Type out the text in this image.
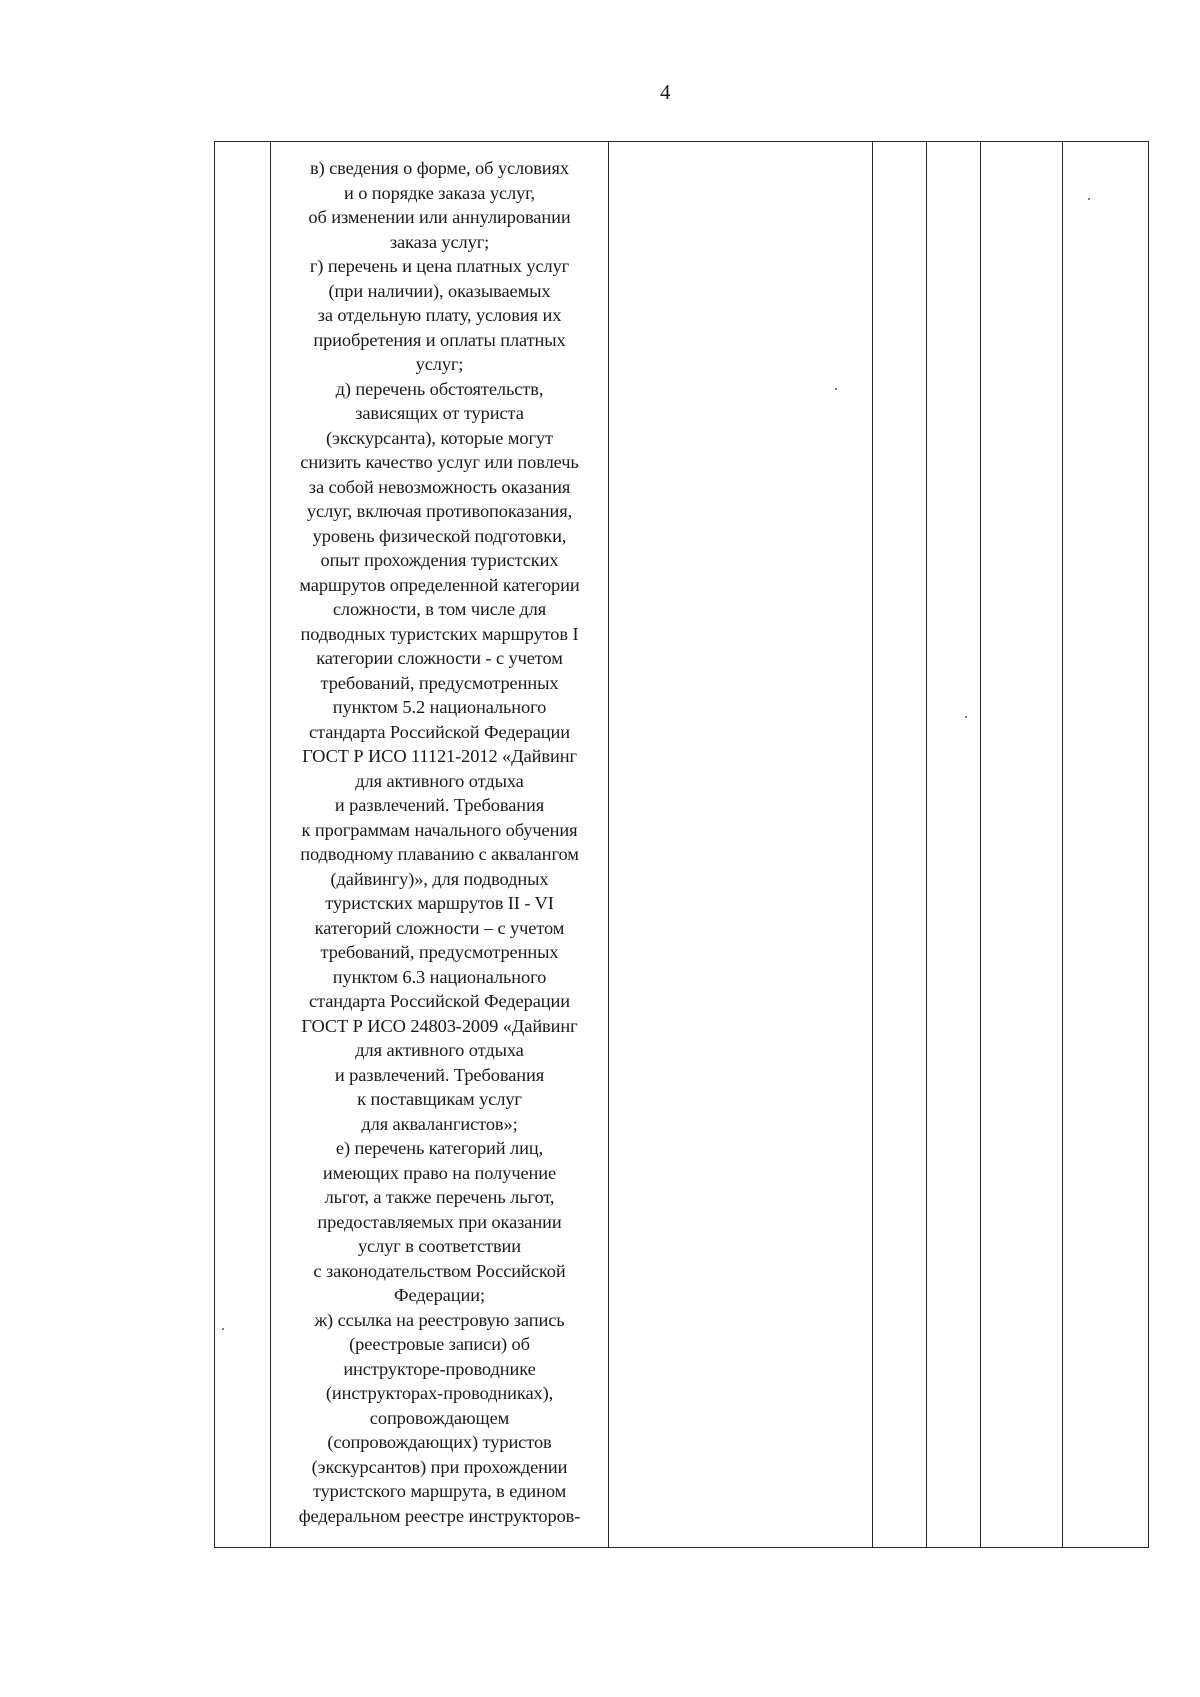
4

в) сведения о форме, об условиях
и о порядке заказа услуг,
об изменении или аннулировании
заказа услуг;
г) перечень и цена платных услуг
(при наличии), оказываемых
за отдельную плату, условия их
приобретения и оплаты платных
услуг;
д) перечень обстоятельств,
зависящих от туриста
(экскурсанта), которые могут
снизить качество услуг или повлечь
за собой невозможность оказания
услуг, включая противопоказания,
уровень физической подготовки,
опыт прохождения туристских
маршрутов определенной категории
сложности, в том числе для
подводных туристских маршрутов I
категории сложности - с учетом
требований, предусмотренных
пунктом 5.2 национального
стандарта Российской Федерации
ГОСТ Р ИСО 11121-2012 «Дайвинг
для активного отдыха
и развлечений. Требования
к программам начального обучения
подводному плаванию с аквалангом
(дайвингу)», для подводных
туристских маршрутов II - VI
категорий сложности – с учетом
требований, предусмотренных
пунктом 6.3 национального
стандарта Российской Федерации
ГОСТ Р ИСО 24803-2009 «Дайвинг
для активного отдыха
и развлечений. Требования
к поставщикам услуг
для аквалангистов»;
е) перечень категорий лиц,
имеющих право на получение
льгот, а также перечень льгот,
предоставляемых при оказании
услуг в соответствии
с законодательством Российской
Федерации;
ж) ссылка на реестровую запись
(реестровые записи) об
инструкторе-проводнике
(инструкторах-проводниках),
сопровождающем
(сопровождающих) туристов
(экскурсантов) при прохождении
туристского маршрута, в едином
федеральном реестре инструкторов-
